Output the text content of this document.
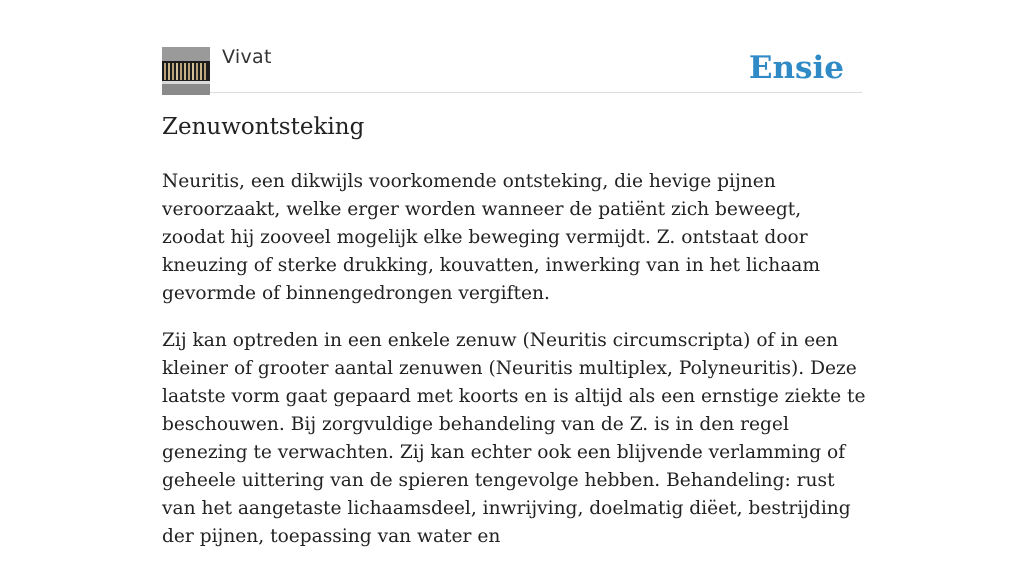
Vivat	Ensie
Zenuwontsteking

Neuritis, een dikwijls voorkomende ontsteking, die hevige pijnen veroorzaakt, welke erger worden wanneer de patiënt zich beweegt, zoodat hij zooveel mogelijk elke beweging vermijdt. Z. ontstaat door kneuzing of sterke drukking, kouvatten, inwerking van in het lichaam gevormde of binnengedrongen vergiften.

Zij kan optreden in een enkele zenuw (Neuritis circumscripta) of in een kleiner of grooter aantal zenuwen (Neuritis multiplex, Polyneuritis). Deze laatste vorm gaat gepaard met koorts en is altijd als een ernstige ziekte te beschouwen. Bij zorgvuldige behandeling van de Z. is in den regel genezing te verwachten. Zij kan echter ook een blijvende verlamming of geheele uittering van de spieren tengevolge hebben. Behandeling: rust van het aangetaste lichaamsdeel, inwrijving, doelmatig diëet, bestrijding der pijnen, toepassing van water en
